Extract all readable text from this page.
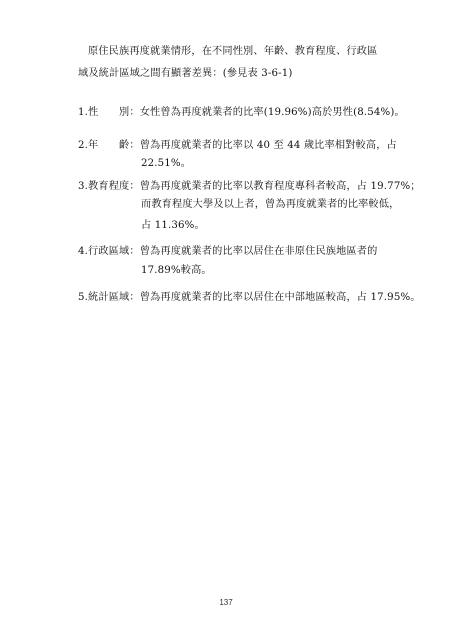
原住民族再度就業情形，在不同性別、年齡、教育程度、行政區
域及統計區域之間有顯著差異：(參見表 3-6-1)
1.性　　別：女性曾為再度就業者的比率(19.96%)高於男性(8.54%)。
2.年　　齡：曾為再度就業者的比率以 40 至 44 歲比率相對較高，占
22.51%。
3.教育程度：曾為再度就業者的比率以教育程度專科者較高，占 19.77%；
而教育程度大學及以上者，曾為再度就業者的比率較低，
占 11.36%。
4.行政區域：曾為再度就業者的比率以居住在非原住民族地區者的
17.89%較高。
5.統計區域：曾為再度就業者的比率以居住在中部地區較高，占 17.95%。
137
